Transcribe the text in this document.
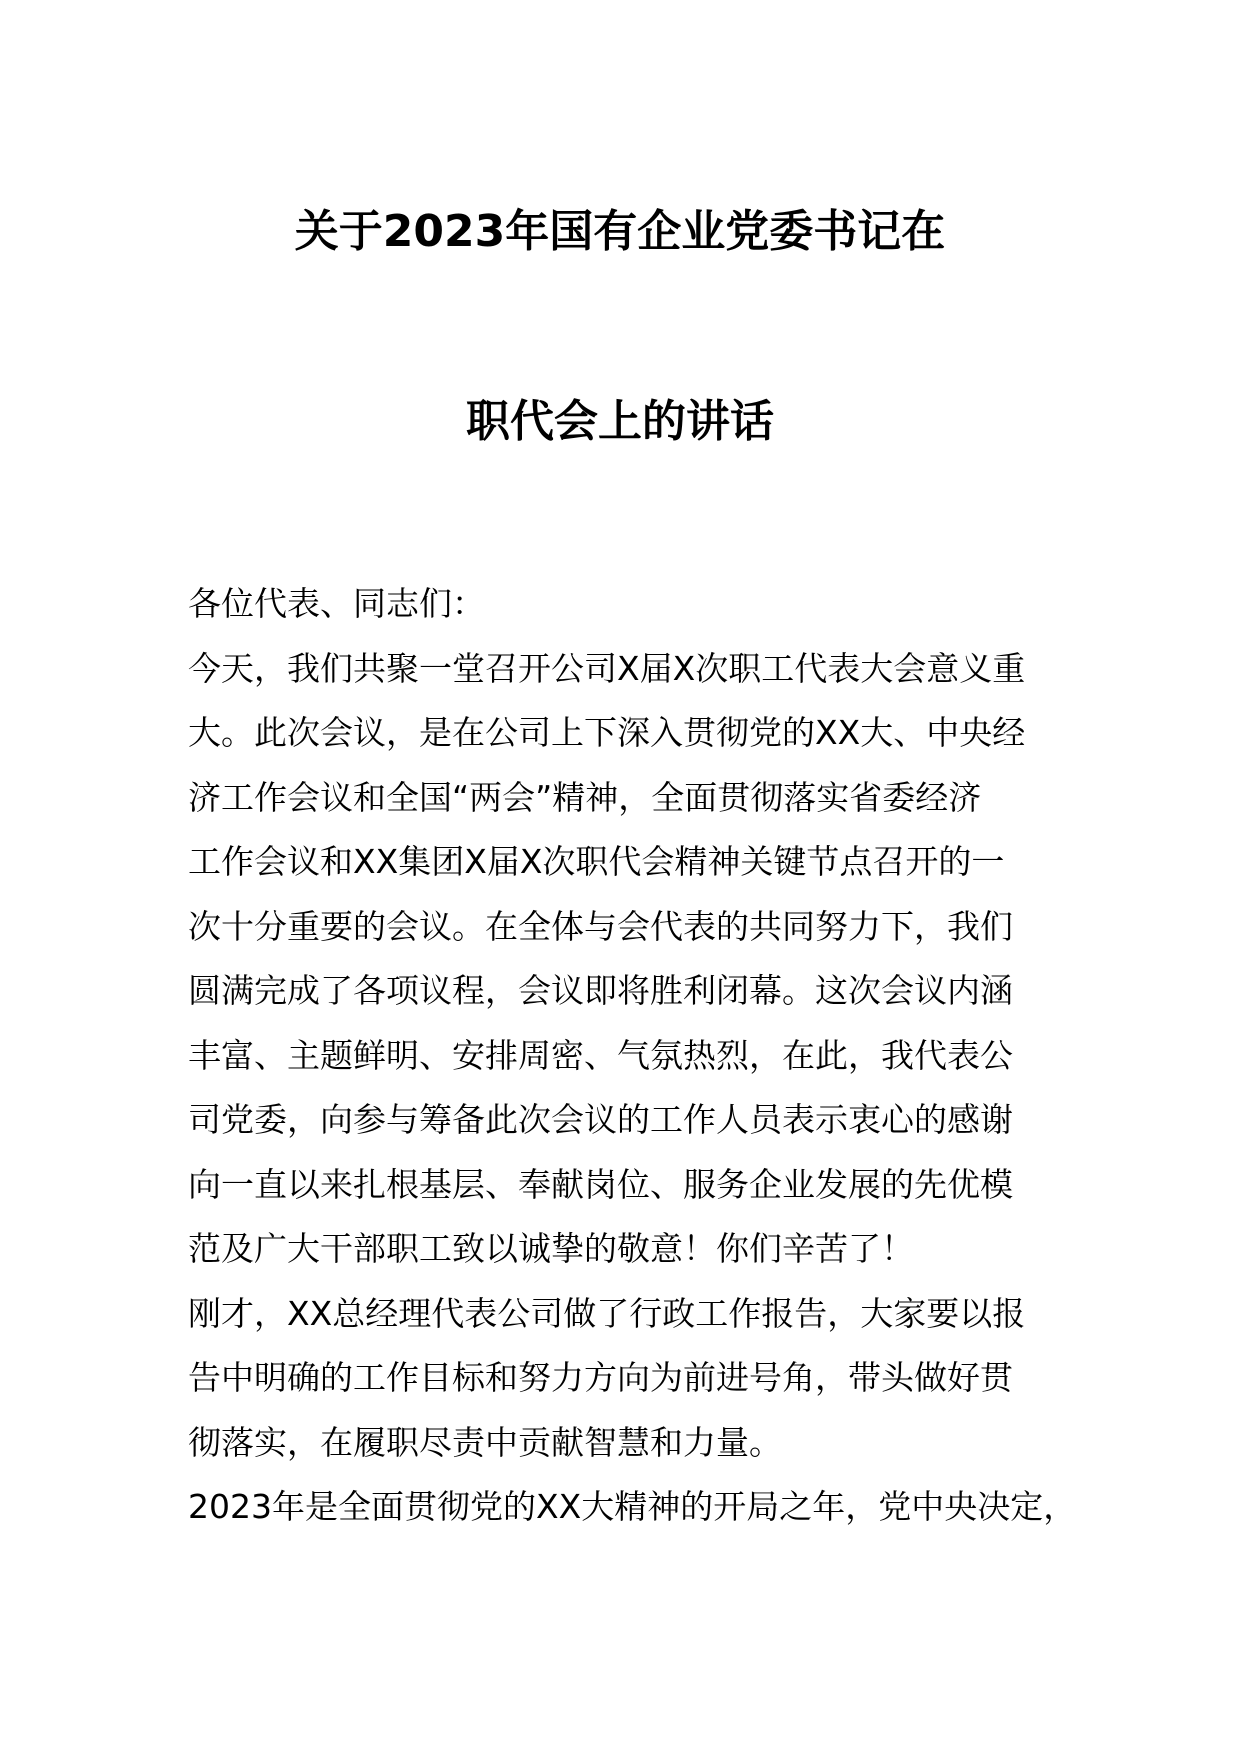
关于2023年国有企业党委书记在
职代会上的讲话
各位代表、同志们：
今天，我们共聚一堂召开公司X届X次职工代表大会意义重
大。此次会议，是在公司上下深入贯彻党的XX大、中央经
济工作会议和全国“两会”精神，全面贯彻落实省委经济
工作会议和XX集团X届X次职代会精神关键节点召开的一
次十分重要的会议。在全体与会代表的共同努力下，我们
圆满完成了各项议程，会议即将胜利闭幕。这次会议内涵
丰富、主题鲜明、安排周密、气氛热烈，在此，我代表公
司党委，向参与筹备此次会议的工作人员表示衷心的感谢
向一直以来扎根基层、奉献岗位、服务企业发展的先优模
范及广大干部职工致以诚挚的敬意！你们辛苦了！
刚才，XX总经理代表公司做了行政工作报告，大家要以报
告中明确的工作目标和努力方向为前进号角，带头做好贯
彻落实，在履职尽责中贡献智慧和力量。
2023年是全面贯彻党的XX大精神的开局之年，党中央决定，
